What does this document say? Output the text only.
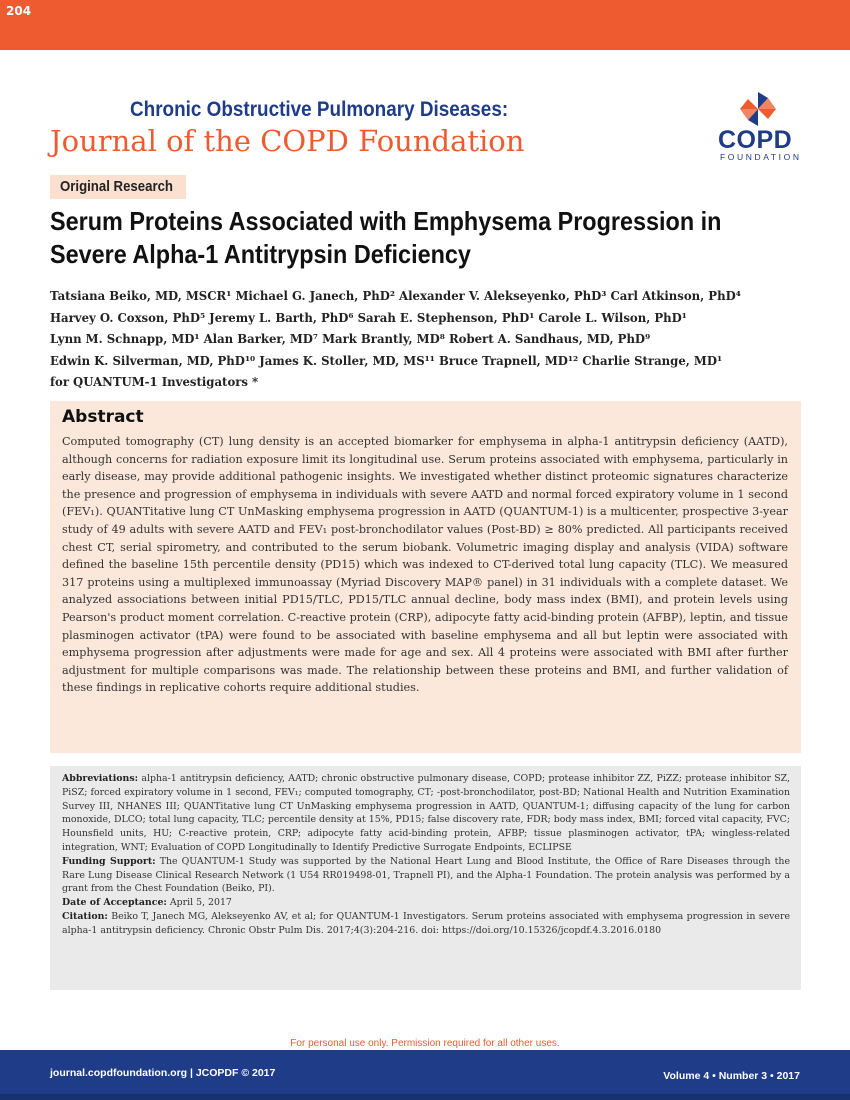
204
Chronic Obstructive Pulmonary Diseases:
Journal of the COPD Foundation	COPD
FOUNDATION
Original Research
Serum Proteins Associated with Emphysema Progression in
Severe Alpha-1 Antitrypsin Deficiency
Tatsiana Beiko, MD, MSCR¹ Michael G. Janech, PhD² Alexander V. Alekseyenko, PhD³ Carl Atkinson, PhD⁴
Harvey O. Coxson, PhD⁵ Jeremy L. Barth, PhD⁶ Sarah E. Stephenson, PhD¹ Carole L. Wilson, PhD¹
Lynn M. Schnapp, MD¹ Alan Barker, MD⁷ Mark Brantly, MD⁸ Robert A. Sandhaus, MD, PhD⁹
Edwin K. Silverman, MD, PhD¹⁰ James K. Stoller, MD, MS¹¹ Bruce Trapnell, MD¹² Charlie Strange, MD¹
for QUANTUM-1 Investigators *
Abstract
Computed tomography (CT) lung density is an accepted biomarker for emphysema in alpha-1 antitrypsin deficiency (AATD), although concerns for radiation exposure limit its longitudinal use. Serum proteins associated with emphysema, particularly in early disease, may provide additional pathogenic insights. We investigated whether distinct proteomic signatures characterize the presence and progression of emphysema in individuals with severe AATD and normal forced expiratory volume in 1 second (FEV₁). QUANTitative lung CT UnMasking emphysema progression in AATD (QUANTUM-1) is a multicenter, prospective 3-year study of 49 adults with severe AATD and FEV₁ post-bronchodilator values (Post-BD) ≥ 80% predicted. All participants received chest CT, serial spirometry, and contributed to the serum biobank. Volumetric imaging display and analysis (VIDA) software defined the baseline 15th percentile density (PD15) which was indexed to CT-derived total lung capacity (TLC). We measured 317 proteins using a multiplexed immunoassay (Myriad Discovery MAP® panel) in 31 individuals with a complete dataset. We analyzed associations between initial PD15/TLC, PD15/TLC annual decline, body mass index (BMI), and protein levels using Pearson's product moment correlation. C-reactive protein (CRP), adipocyte fatty acid-binding protein (AFBP), leptin, and tissue plasminogen activator (tPA) were found to be associated with baseline emphysema and all but leptin were associated with emphysema progression after adjustments were made for age and sex. All 4 proteins were associated with BMI after further adjustment for multiple comparisons was made. The relationship between these proteins and BMI, and further validation of these findings in replicative cohorts require additional studies.

Abbreviations: alpha-1 antitrypsin deficiency, AATD; chronic obstructive pulmonary disease, COPD; protease inhibitor ZZ, PiZZ; protease inhibitor SZ, PiSZ; forced expiratory volume in 1 second, FEV₁; computed tomography, CT; -post-bronchodilator, post-BD; National Health and Nutrition Examination Survey III, NHANES III; QUANTitative lung CT UnMasking emphysema progression in AATD, QUANTUM-1; diffusing capacity of the lung for carbon monoxide, DLCO; total lung capacity, TLC; percentile density at 15%, PD15; false discovery rate, FDR; body mass index, BMI; forced vital capacity, FVC; Hounsfield units, HU; C-reactive protein, CRP; adipocyte fatty acid-binding protein, AFBP; tissue plasminogen activator, tPA; wingless-related integration, WNT; Evaluation of COPD Longitudinally to Identify Predictive Surrogate Endpoints, ECLIPSE

Funding Support: The QUANTUM-1 Study was supported by the National Heart Lung and Blood Institute, the Office of Rare Diseases through the Rare Lung Disease Clinical Research Network (1 U54 RR019498-01, Trapnell PI), and the Alpha-1 Foundation. The protein analysis was performed by a grant from the Chest Foundation (Beiko, PI).

Date of Acceptance: April 5, 2017

Citation: Beiko T, Janech MG, Alekseyenko AV, et al; for QUANTUM-1 Investigators. Serum proteins associated with emphysema progression in severe alpha-1 antitrypsin deficiency. Chronic Obstr Pulm Dis. 2017;4(3):204-216. doi: https://doi.org/10.15326/jcopdf.4.3.2016.0180

For personal use only. Permission required for all other uses.
journal.copdfoundation.org | JCOPDF © 2017	Volume 4 • Number 3 • 2017
